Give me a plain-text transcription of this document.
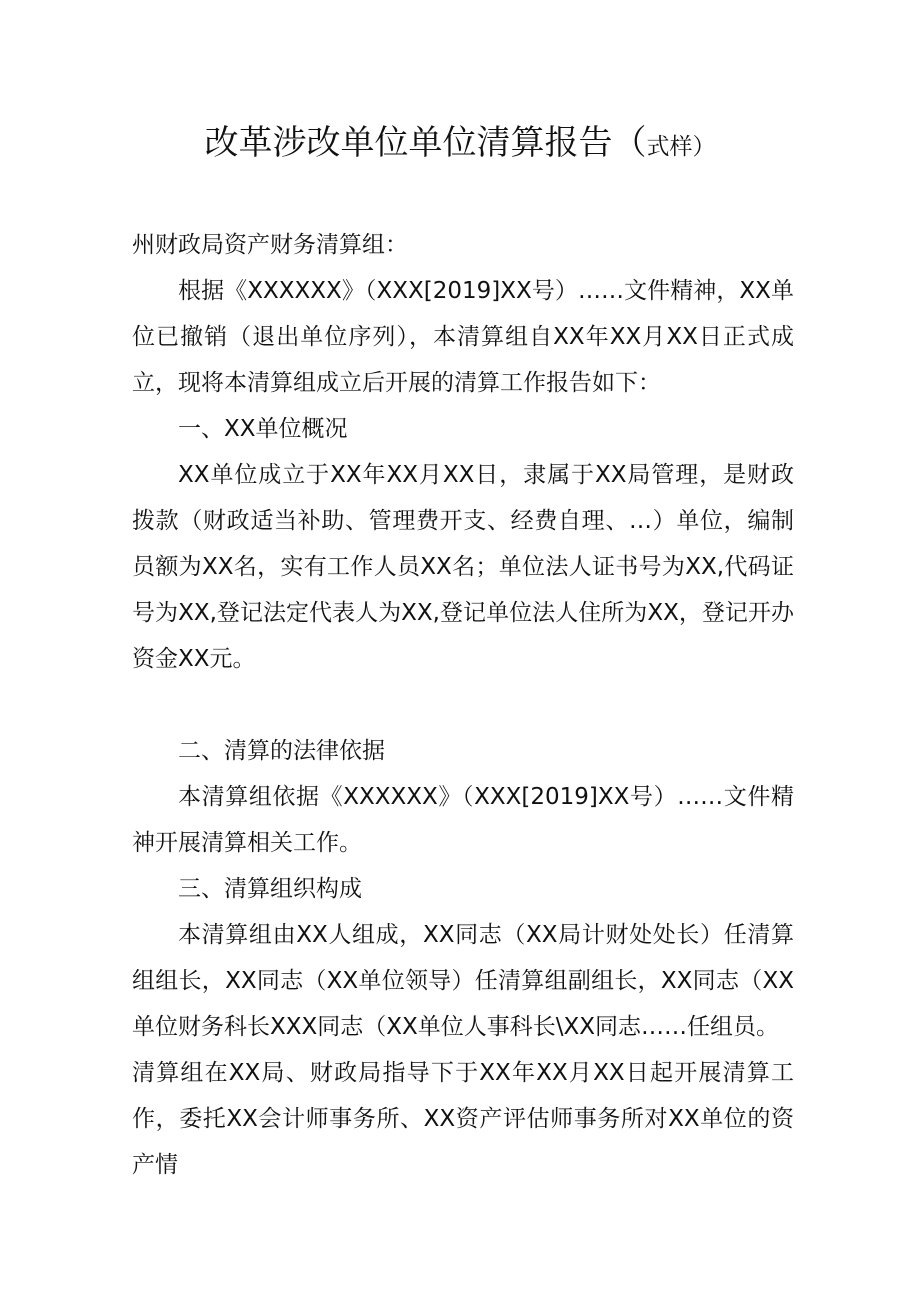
改革涉改单位单位清算报告（式样）

州财政局资产财务清算组：

根据《XXXXXX》（XXX[2019]XX号）……文件精神，XX单位已撤销（退出单位序列），本清算组自XX年XX月XX日正式成立，现将本清算组成立后开展的清算工作报告如下：

一、XX单位概况

XX单位成立于XX年XX月XX日，隶属于XX局管理，是财政拨款（财政适当补助、管理费开支、经费自理、…）单位，编制员额为XX名，实有工作人员XX名；单位法人证书号为XX,代码证号为XX,登记法定代表人为XX,登记单位法人住所为XX，登记开办资金XX元。

二、清算的法律依据

本清算组依据《XXXXXX》（XXX[2019]XX号）……文件精神开展清算相关工作。

三、清算组织构成

本清算组由XX人组成，XX同志（XX局计财处处长）任清算组组长，XX同志（XX单位领导）任清算组副组长，XX同志（XX单位财务科长XXX同志（XX单位人事科长\XX同志……任组员。

清算组在XX局、财政局指导下于XX年XX月XX日起开展清算工作，委托XX会计师事务所、XX资产评估师事务所对XX单位的资产情
